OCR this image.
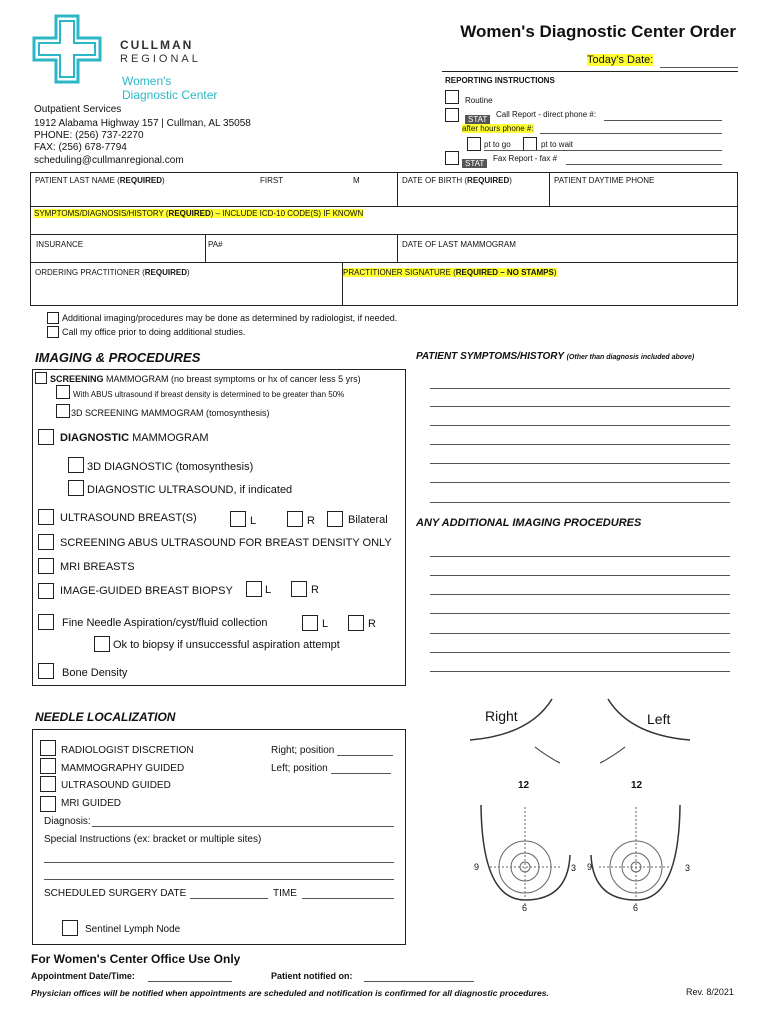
CULLMAN
REGIONAL
Women's
Diagnostic Center
Women's Diagnostic Center Order
Today's Date:
Outpatient Services
1912 Alabama Highway 157 | Cullman, AL 35058
PHONE: (256) 737-2270
FAX: (256) 678-7794
scheduling@cullmanregional.com
REPORTING INSTRUCTIONS
Routine
STAT
Call Report - direct phone #:
after hours phone #:
pt to go	pt to wait
STAT
Fax Report - fax #
PATIENT LAST NAME (REQUIRED)	FIRST	M	DATE OF BIRTH (REQUIRED)	PATIENT DAYTIME PHONE
SYMPTOMS/DIAGNOSIS/HISTORY (REQUIRED) – INCLUDE ICD-10 CODE(S) IF KNOWN
INSURANCE	PA#	DATE OF LAST MAMMOGRAM
ORDERING PRACTITIONER (REQUIRED)	PRACTITIONER SIGNATURE (REQUIRED – NO STAMPS)
Additional imaging/procedures may be done as determined by radiologist, if needed.
Call my office prior to doing additional studies.
IMAGING & PROCEDURES
SCREENING MAMMOGRAM (no breast symptoms or hx of cancer less 5 yrs)
With ABUS ultrasound if breast density is determined to be greater than 50%
3D SCREENING MAMMOGRAM (tomosynthesis)
DIAGNOSTIC MAMMOGRAM
3D DIAGNOSTIC (tomosynthesis)
DIAGNOSTIC ULTRASOUND, if indicated
ULTRASOUND BREAST(S)	L	R	Bilateral
SCREENING ABUS ULTRASOUND FOR BREAST DENSITY ONLY
MRI BREASTS
IMAGE-GUIDED BREAST BIOPSY	L	R
Fine Needle Aspiration/cyst/fluid collection	L	R
Ok to biopsy if unsuccessful aspiration attempt
Bone Density
PATIENT SYMPTOMS/HISTORY (Other than diagnosis included above)
ANY ADDITIONAL IMAGING PROCEDURES
NEEDLE LOCALIZATION
RADIOLOGIST DISCRETION
MAMMOGRAPHY GUIDED
ULTRASOUND GUIDED
MRI GUIDED
Right; position
Left; position
Diagnosis:
Special Instructions (ex: bracket or multiple sites)
SCHEDULED SURGERY DATE	TIME
Sentinel Lymph Node
Right	Left
12	12
9	3 9	3
6	6
For Women's Center Office Use Only
Appointment Date/Time:	Patient notified on:
Physician offices will be notified when appointments are scheduled and notification is confirmed for all diagnostic procedures.	Rev. 8/2021
